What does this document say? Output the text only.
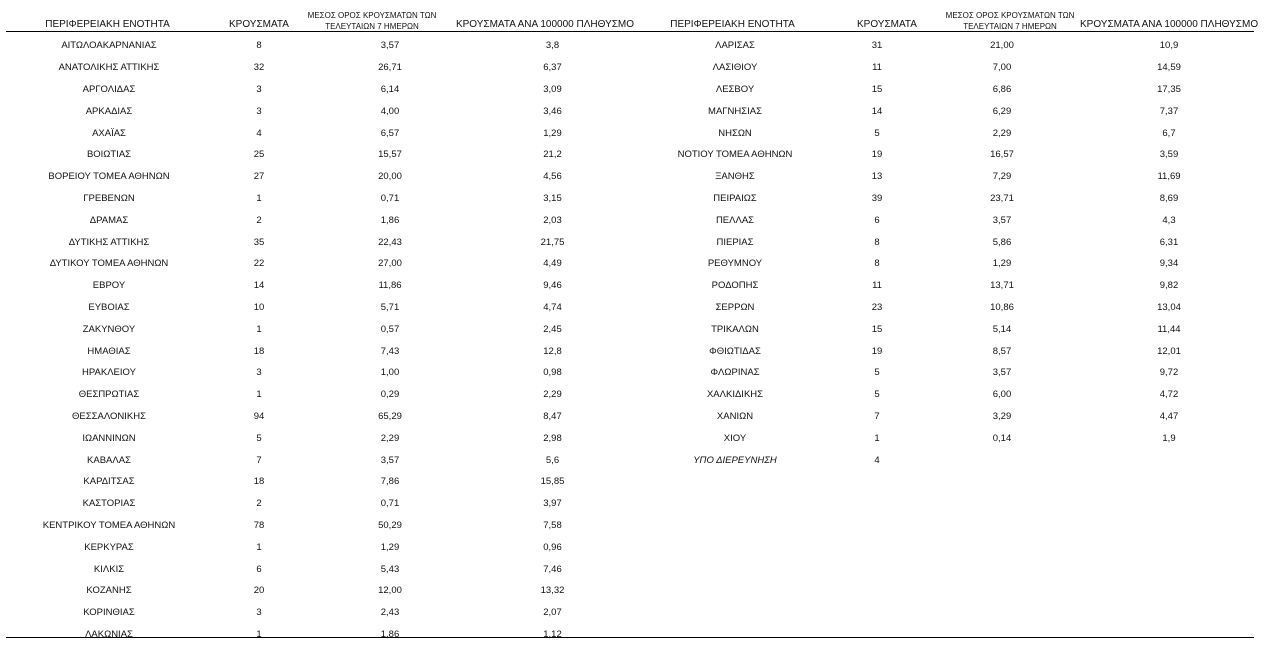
ΠΕΡΙΦΕΡΕΙΑΚΗ ΕΝΟΤΗΤΑ	ΚΡΟΥΣΜΑΤΑ
ΜΕΣΟΣ ΟΡΟΣ ΚΡΟΥΣΜΑΤΩΝ ΤΩΝ
ΤΕΛΕΥΤΑΙΩΝ 7 ΗΜΕΡΩΝ	ΚΡΟΥΣΜΑΤΑ ΑΝΑ 100000 ΠΛΗΘΥΣΜΟ	ΠΕΡΙΦΕΡΕΙΑΚΗ ΕΝΟΤΗΤΑ	ΚΡΟΥΣΜΑΤΑ
ΜΕΣΟΣ ΟΡΟΣ ΚΡΟΥΣΜΑΤΩΝ ΤΩΝ
ΤΕΛΕΥΤΑΙΩΝ 7 ΗΜΕΡΩΝ	ΚΡΟΥΣΜΑΤΑ ΑΝΑ 100000 ΠΛΗΘΥΣΜΟ
ΑΙΤΩΛΟΑΚΑΡΝΑΝΙΑΣ	8	3,57	3,8
ΑΝΑΤΟΛΙΚΗΣ ΑΤΤΙΚΗΣ	32	26,71	6,37
ΑΡΓΟΛΙΔΑΣ	3	6,14	3,09
ΑΡΚΑΔΙΑΣ	3	4,00	3,46
ΑΧΑΪΑΣ	4	6,57	1,29
ΒΟΙΩΤΙΑΣ	25	15,57	21,2
ΒΟΡΕΙΟΥ ΤΟΜΕΑ ΑΘΗΝΩΝ	27	20,00	4,56
ΓΡΕΒΕΝΩΝ	1	0,71	3,15
ΔΡΑΜΑΣ	2	1,86	2,03
ΔΥΤΙΚΗΣ ΑΤΤΙΚΗΣ	35	22,43	21,75
ΔΥΤΙΚΟΥ ΤΟΜΕΑ ΑΘΗΝΩΝ	22	27,00	4,49
ΕΒΡΟΥ	14	11,86	9,46
ΕΥΒΟΙΑΣ	10	5,71	4,74
ΖΑΚΥΝΘΟΥ	1	0,57	2,45
ΗΜΑΘΙΑΣ	18	7,43	12,8
ΗΡΑΚΛΕΙΟΥ	3	1,00	0,98
ΘΕΣΠΡΩΤΙΑΣ	1	0,29	2,29
ΘΕΣΣΑΛΟΝΙΚΗΣ	94	65,29	8,47
ΙΩΑΝΝΙΝΩΝ	5	2,29	2,98
ΚΑΒΑΛΑΣ	7	3,57	5,6
ΚΑΡΔΙΤΣΑΣ	18	7,86	15,85
ΚΑΣΤΟΡΙΑΣ	2	0,71	3,97
ΚΕΝΤΡΙΚΟΥ ΤΟΜΕΑ ΑΘΗΝΩΝ	78	50,29	7,58
ΚΕΡΚΥΡΑΣ	1	1,29	0,96
ΚΙΛΚΙΣ	6	5,43	7,46
ΚΟΖΑΝΗΣ	20	12,00	13,32
ΚΟΡΙΝΘΙΑΣ	3	2,43	2,07
ΛΑΚΩΝΙΑΣ	1	1,86	1,12
ΛΑΡΙΣΑΣ	31	21,00	10,9
ΛΑΣΙΘΙΟΥ	11	7,00	14,59
ΛΕΣΒΟΥ	15	6,86	17,35
ΜΑΓΝΗΣΙΑΣ	14	6,29	7,37
ΝΗΣΩΝ	5	2,29	6,7
ΝΟΤΙΟΥ ΤΟΜΕΑ ΑΘΗΝΩΝ	19	16,57	3,59
ΞΑΝΘΗΣ	13	7,29	11,69
ΠΕΙΡΑΙΩΣ	39	23,71	8,69
ΠΕΛΛΑΣ	6	3,57	4,3
ΠΙΕΡΙΑΣ	8	5,86	6,31
ΡΕΘΥΜΝΟΥ	8	1,29	9,34
ΡΟΔΟΠΗΣ	11	13,71	9,82
ΣΕΡΡΩΝ	23	10,86	13,04
ΤΡΙΚΑΛΩΝ	15	5,14	11,44
ΦΘΙΩΤΙΔΑΣ	19	8,57	12,01
ΦΛΩΡΙΝΑΣ	5	3,57	9,72
ΧΑΛΚΙΔΙΚΗΣ	5	6,00	4,72
ΧΑΝΙΩΝ	7	3,29	4,47
ΧΙΟΥ	1	0,14	1,9
ΥΠΟ ΔΙΕΡΕΥΝΗΣΗ	4		
